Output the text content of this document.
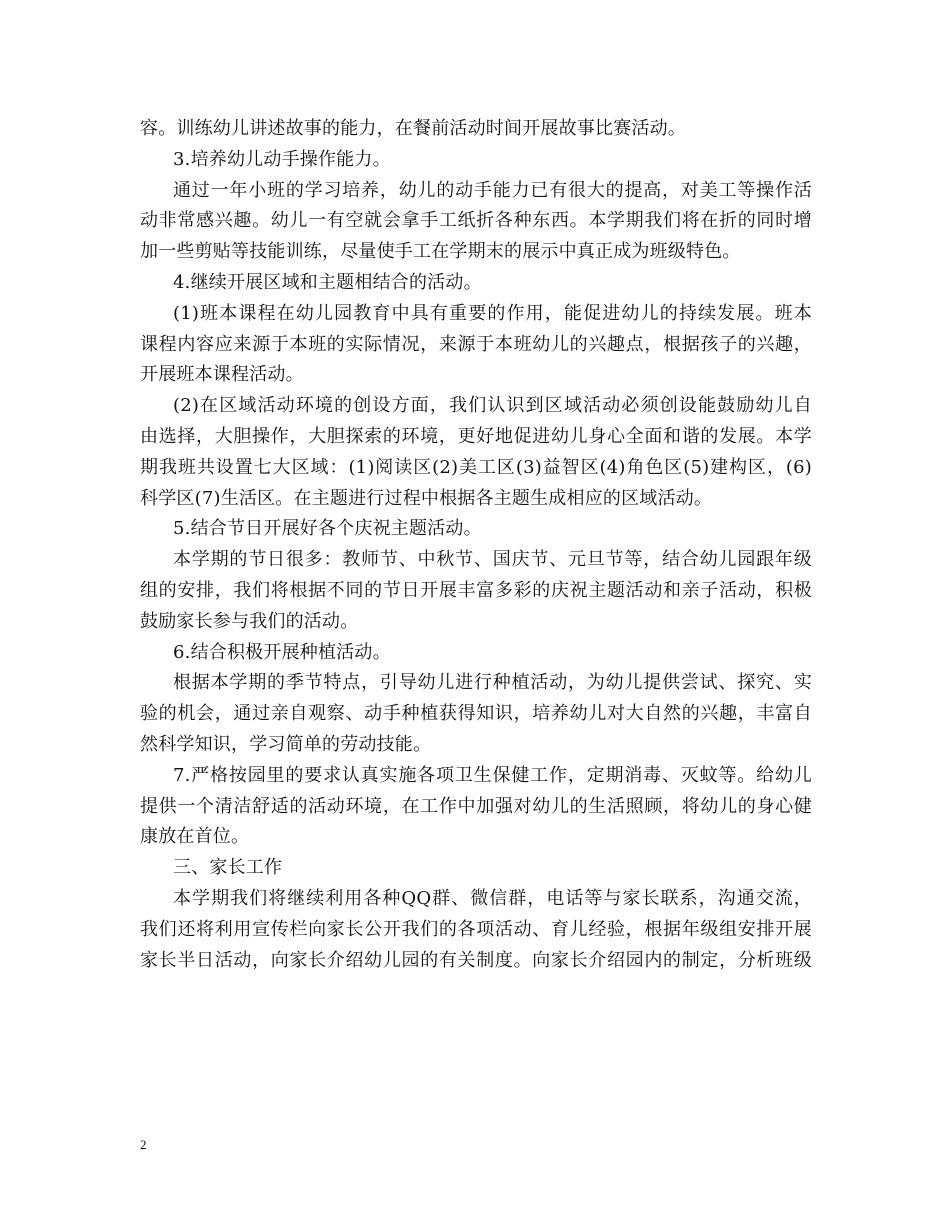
容。训练幼儿讲述故事的能力，在餐前活动时间开展故事比赛活动。
3.培养幼儿动手操作能力。
通过一年小班的学习培养，幼儿的动手能力已有很大的提高，对美工等操作活
动非常感兴趣。幼儿一有空就会拿手工纸折各种东西。本学期我们将在折的同时增
加一些剪贴等技能训练，尽量使手工在学期末的展示中真正成为班级特色。
4.继续开展区域和主题相结合的活动。
(1)班本课程在幼儿园教育中具有重要的作用，能促进幼儿的持续发展。班本
课程内容应来源于本班的实际情况，来源于本班幼儿的兴趣点，根据孩子的兴趣，
开展班本课程活动。
(2)在区域活动环境的创设方面，我们认识到区域活动必须创设能鼓励幼儿自
由选择，大胆操作，大胆探索的环境，更好地促进幼儿身心全面和谐的发展。本学
期我班共设置七大区域：(1)阅读区(2)美工区(3)益智区(4)角色区(5)建构区，(6)
科学区(7)生活区。在主题进行过程中根据各主题生成相应的区域活动。
5.结合节日开展好各个庆祝主题活动。
本学期的节日很多：教师节、中秋节、国庆节、元旦节等，结合幼儿园跟年级
组的安排，我们将根据不同的节日开展丰富多彩的庆祝主题活动和亲子活动，积极
鼓励家长参与我们的活动。
6.结合积极开展种植活动。
根据本学期的季节特点，引导幼儿进行种植活动，为幼儿提供尝试、探究、实
验的机会，通过亲自观察、动手种植获得知识，培养幼儿对大自然的兴趣，丰富自
然科学知识，学习简单的劳动技能。
7.严格按园里的要求认真实施各项卫生保健工作，定期消毒、灭蚊等。给幼儿
提供一个清洁舒适的活动环境，在工作中加强对幼儿的生活照顾，将幼儿的身心健
康放在首位。
三、家长工作
本学期我们将继续利用各种QQ群、微信群，电话等与家长联系，沟通交流，
我们还将利用宣传栏向家长公开我们的各项活动、育儿经验，根据年级组安排开展
家长半日活动，向家长介绍幼儿园的有关制度。向家长介绍园内的制定，分析班级
2
